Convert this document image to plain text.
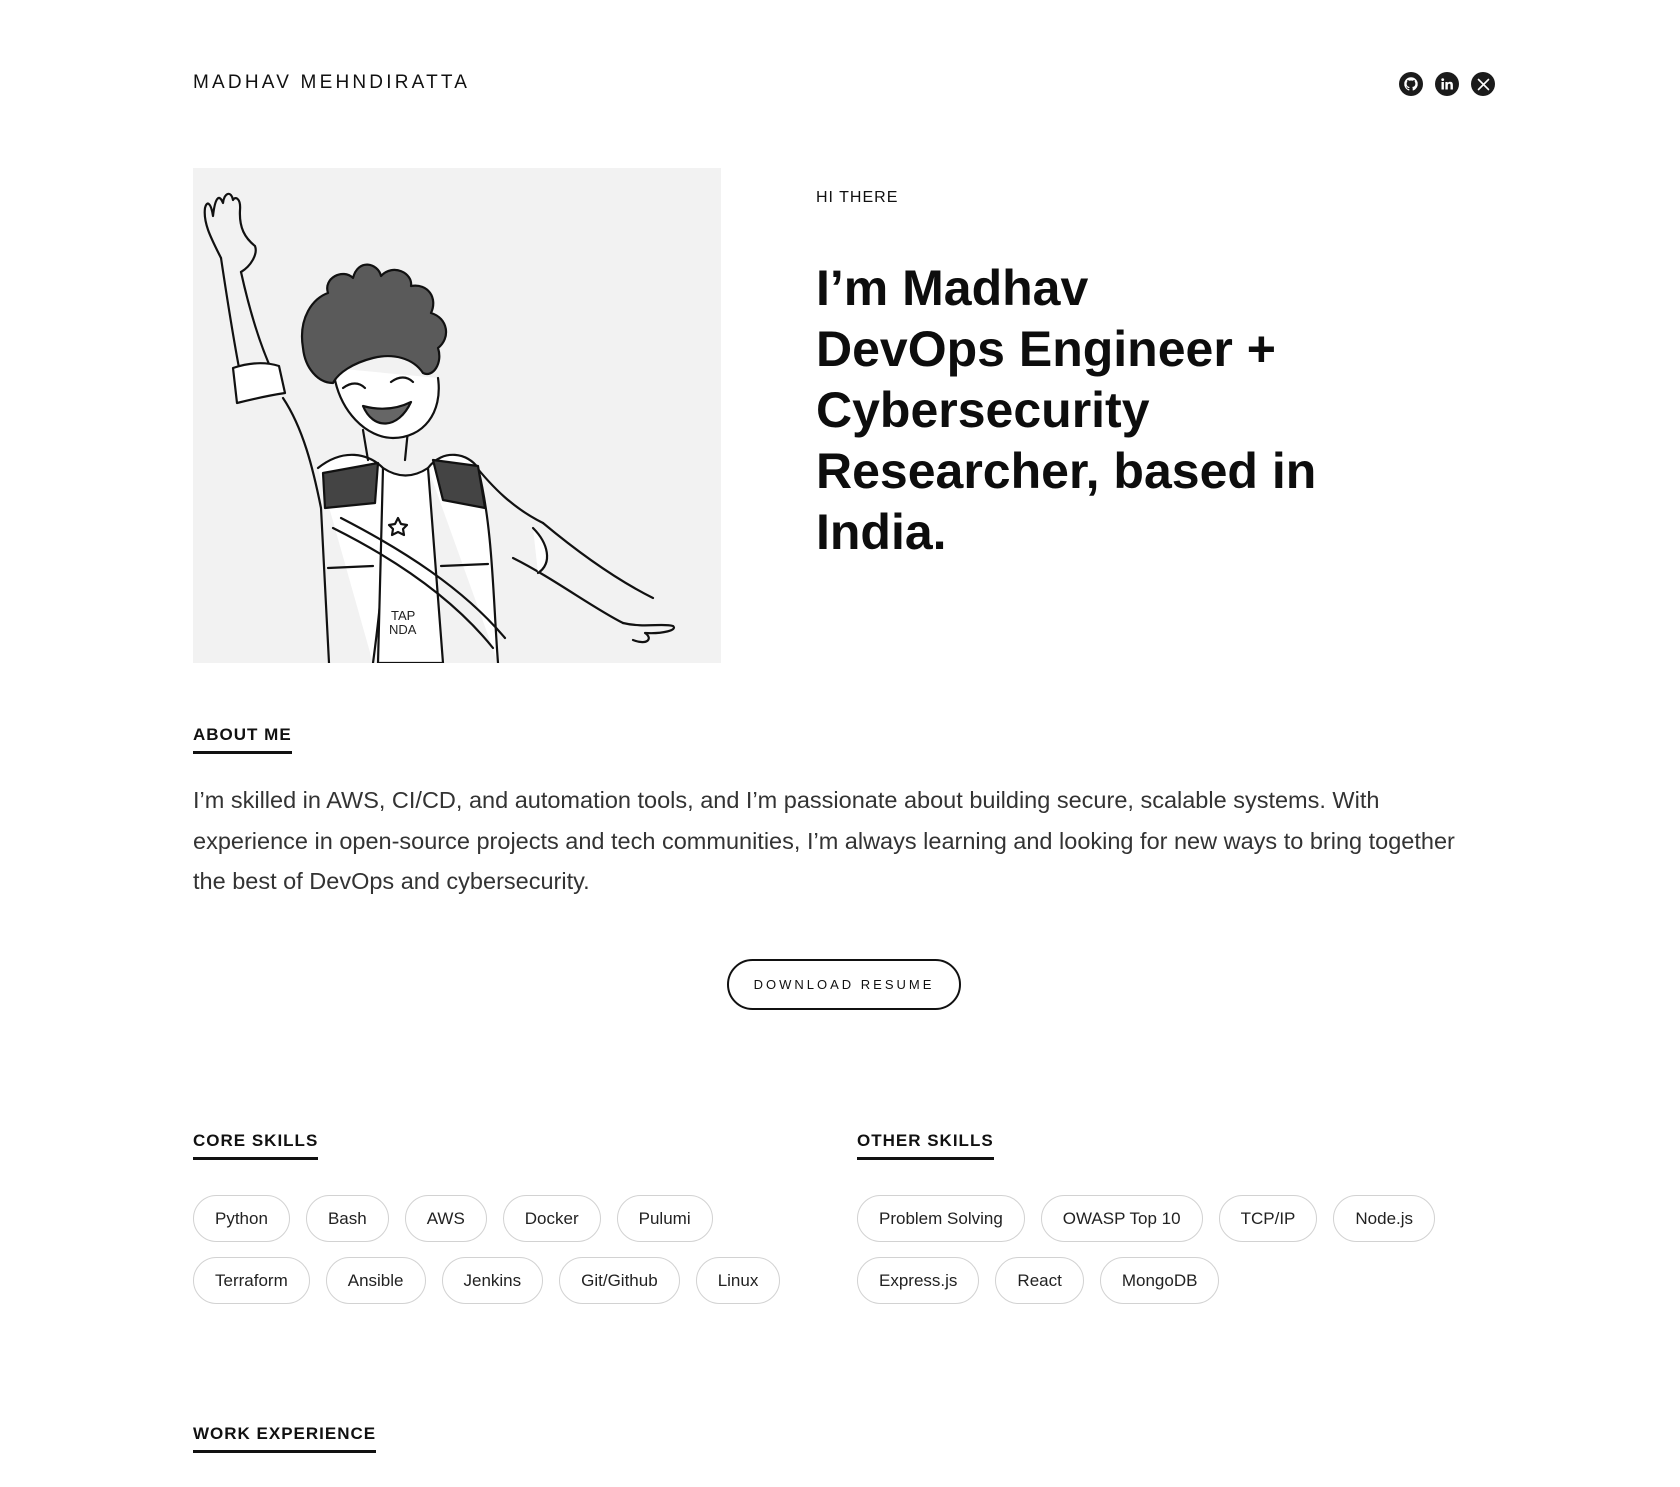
MADHAV MEHNDIRATTA
TAP
NDA
HI THERE
I’m Madhav
DevOps Engineer +
Cybersecurity
Researcher, based in
India.
ABOUT ME

I’m skilled in AWS, CI/CD, and automation tools, and I’m passionate about building secure, scalable systems. With experience in open-source projects and tech communities, I’m always learning and looking for new ways to bring together the best of DevOps and cybersecurity.

DOWNLOAD RESUME
CORE SKILLS
Python	Bash	AWS	Docker	Pulumi
Terraform	Ansible	Jenkins	Git/Github	Linux
OTHER SKILLS
Problem Solving	OWASP Top 10	TCP/IP	Node.js
Express.js	React	MongoDB
WORK EXPERIENCE
